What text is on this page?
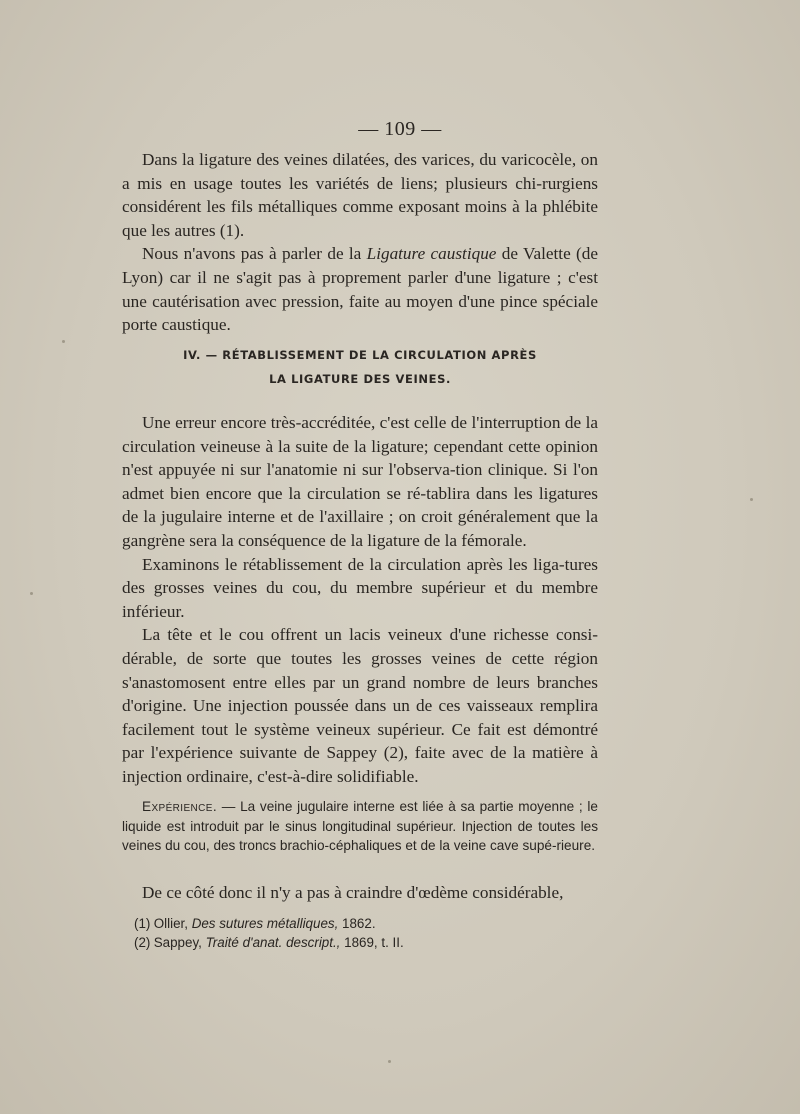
— 109 —

Dans la ligature des veines dilatées, des varices, du varicocèle, on a mis en usage toutes les variétés de liens; plusieurs chi-rurgiens considérent les fils métalliques comme exposant moins à la phlébite que les autres (1).

Nous n'avons pas à parler de la Ligature caustique de Valette (de Lyon) car il ne s'agit pas à proprement parler d'une ligature ; c'est une cautérisation avec pression, faite au moyen d'une pince spéciale porte caustique.

IV. — RÉTABLISSEMENT DE LA CIRCULATION APRÈS
LA LIGATURE DES VEINES.

Une erreur encore très-accréditée, c'est celle de l'interruption de la circulation veineuse à la suite de la ligature; cependant cette opinion n'est appuyée ni sur l'anatomie ni sur l'observa-tion clinique. Si l'on admet bien encore que la circulation se ré-tablira dans les ligatures de la jugulaire interne et de l'axillaire ; on croit généralement que la gangrène sera la conséquence de la ligature de la fémorale.

Examinons le rétablissement de la circulation après les liga-tures des grosses veines du cou, du membre supérieur et du membre inférieur.

La tête et le cou offrent un lacis veineux d'une richesse consi-dérable, de sorte que toutes les grosses veines de cette région s'anastomosent entre elles par un grand nombre de leurs branches d'origine. Une injection poussée dans un de ces vaisseaux remplira facilement tout le système veineux supérieur. Ce fait est démontré par l'expérience suivante de Sappey (2), faite avec de la matière à injection ordinaire, c'est-à-dire solidifiable.

Expérience. — La veine jugulaire interne est liée à sa partie moyenne ; le liquide est introduit par le sinus longitudinal supérieur. Injection de toutes les veines du cou, des troncs brachio-céphaliques et de la veine cave supé-rieure.

De ce côté donc il n'y a pas à craindre d'œdème considérable,

(1) Ollier, Des sutures métalliques, 1862.
(2) Sappey, Traité d'anat. descript., 1869, t. II.
